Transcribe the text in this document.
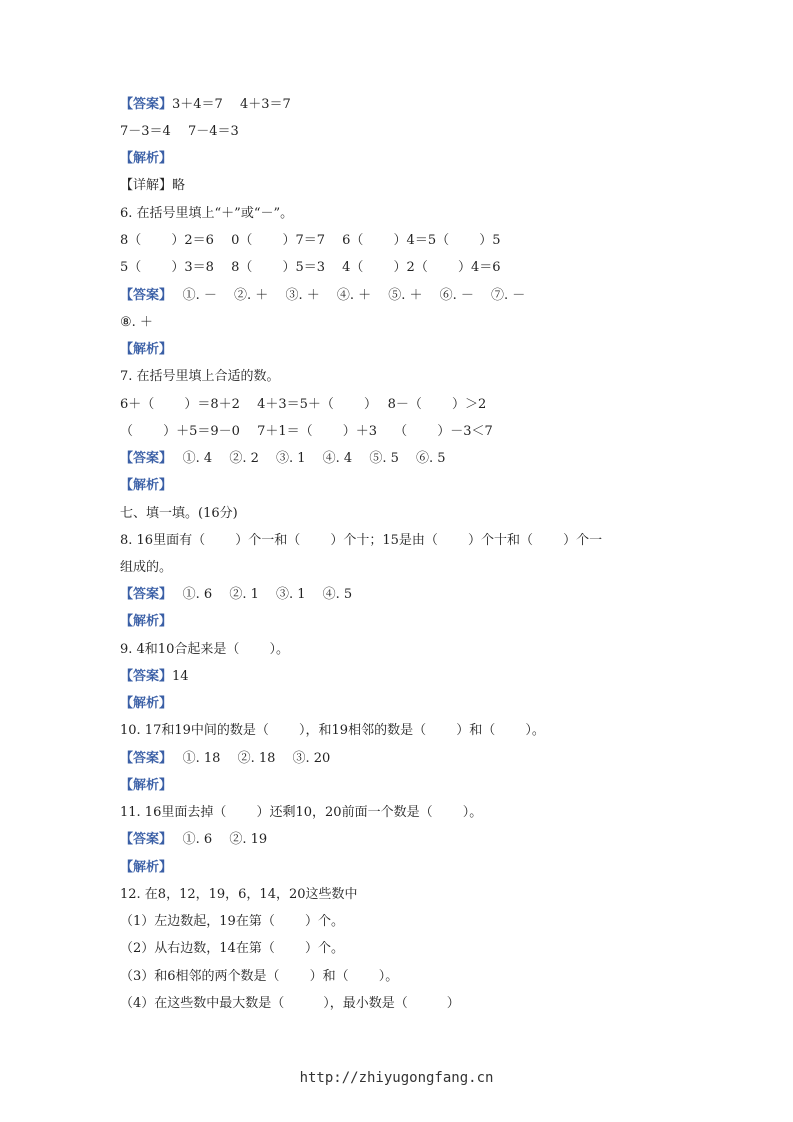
【答案】3＋4＝7　 4＋3＝7
7－3＝4　 7－4＝3
【解析】
【详解】略
6. 在括号里填上“＋”或“－”。
8（　　 ）2＝6　 0（　　 ）7＝7　 6（　　 ）4＝5（　　 ）5
5（　　 ）3＝8　 8（　　 ）5＝3　 4（　　 ）2（　　 ）4＝6
【答案】　 ①. －　 ②. ＋　 ③. ＋　 ④. ＋　 ⑤. ＋　 ⑥. －　 ⑦. －
⑧. ＋
【解析】
7. 在括号里填上合适的数。
6＋（　　 ）＝8＋2　 4＋3＝5＋（　　 ）　 8－（　　 ）＞2
（　　 ）＋5＝9－0　 7＋1＝（　　 ）＋3　 （　　 ）－3＜7
【答案】　 ①. 4　 ②. 2　 ③. 1　 ④. 4　 ⑤. 5　 ⑥. 5
【解析】
七、填一填。(16分)
8. 16里面有（　　 ）个一和（　　 ）个十；15是由（　　 ）个十和（　　 ）个一
组成的。
【答案】　 ①. 6　 ②. 1　 ③. 1　 ④. 5
【解析】
9. 4和10合起来是（　　 ）。
【答案】14
【解析】
10. 17和19中间的数是（　　 ），和19相邻的数是（　　 ）和（　　 ）。
【答案】　 ①. 18　 ②. 18　 ③. 20
【解析】
11. 16里面去掉（　　 ）还剩10，20前面一个数是（　　 ）。
【答案】　 ①. 6　 ②. 19
【解析】
12. 在8，12，19，6，14，20这些数中
（1）左边数起，19在第（　　 ）个。
（2）从右边数，14在第（　　 ）个。
（3）和6相邻的两个数是（　　 ）和（　　 ）。
（4）在这些数中最大数是（　　　），最小数是（　　　）
http://zhiyugongfang.cn
